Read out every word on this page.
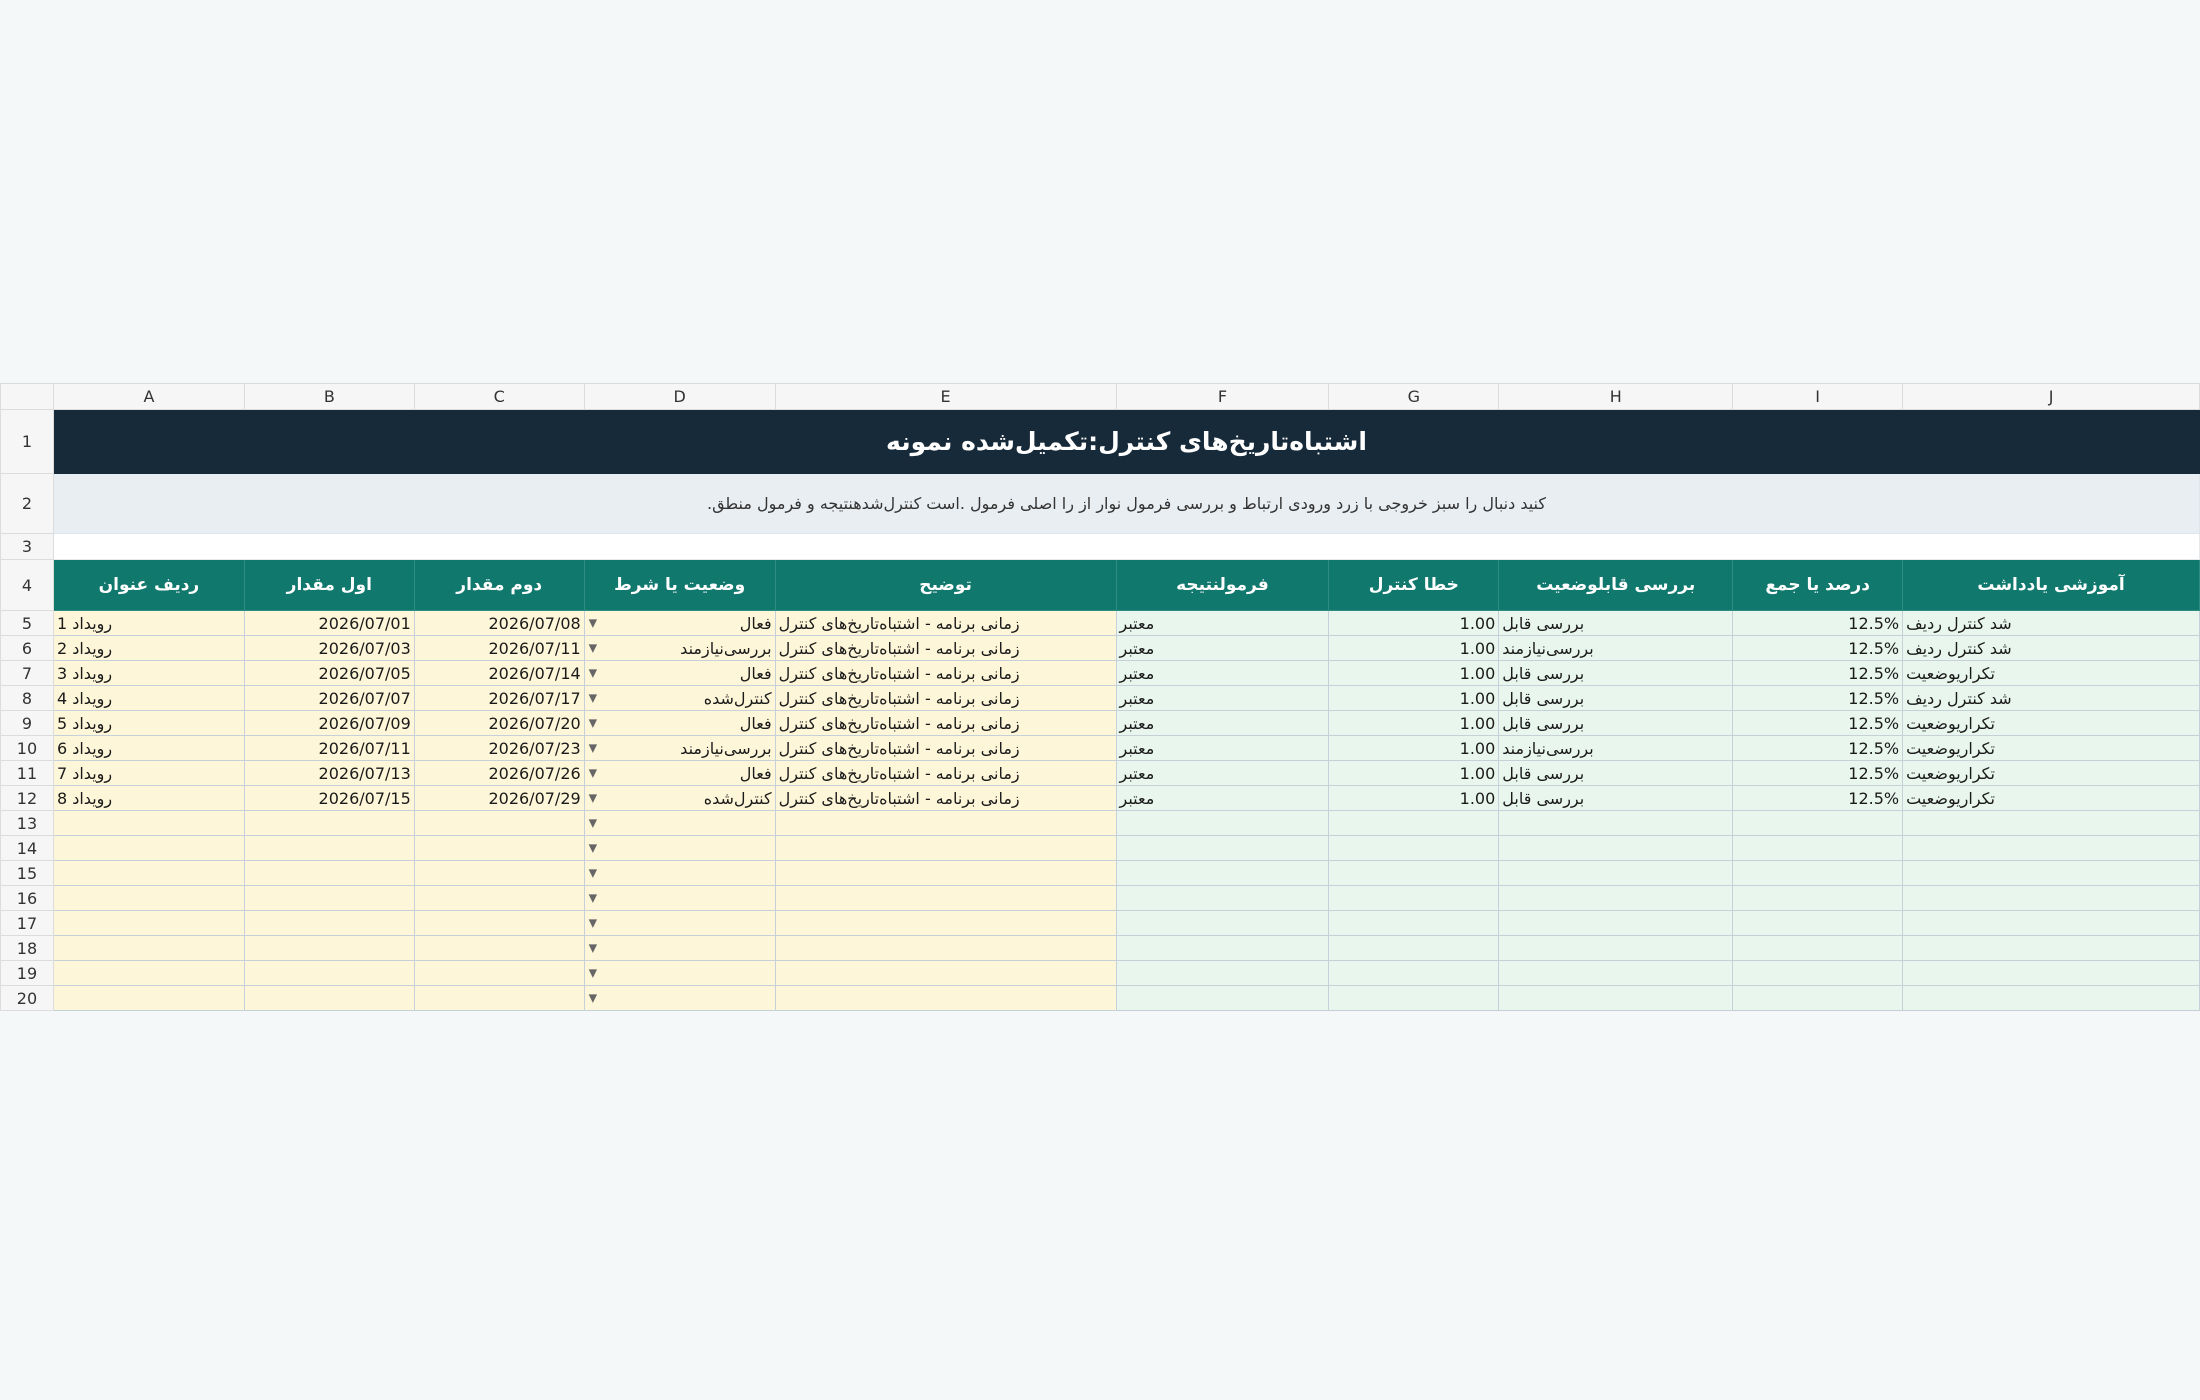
	A	B	C	D	E	F	G	H	I	J
1	اشتباه‌تاریخ‌های کنترل:تکمیل‌شده نمونه									
2	.کنید دنبال را سبز خروجی با زرد ورودی ارتباط و بررسی فرمول نوار از را اصلی فرمول .است کنترل‌شدهنتیجه و فرمول منطق									
3										
4	ردیف عنوان	اول مقدار	دوم مقدار	وضعیت یا شرط	توضیح	فرمولنتیجه	خطا کنترل	بررسی قابلوضعیت	درصد یا جمع	آموزشی یادداشت
5	1 رویداد	2026/07/01	2026/07/08	▼ فعال	زمانی برنامه - اشتباه‌تاریخ‌های کنترل	معتبر	1.00	بررسی قابل	12.5%	شد کنترل ردیف
6	2 رویداد	2026/07/03	2026/07/11	▼ بررسی‌نیازمند	زمانی برنامه - اشتباه‌تاریخ‌های کنترل	معتبر	1.00	بررسی‌نیازمند	12.5%	شد کنترل ردیف
7	3 رویداد	2026/07/05	2026/07/14	▼ فعال	زمانی برنامه - اشتباه‌تاریخ‌های کنترل	معتبر	1.00	بررسی قابل	12.5%	تکراریوضعیت
8	4 رویداد	2026/07/07	2026/07/17	▼ کنترل‌شده	زمانی برنامه - اشتباه‌تاریخ‌های کنترل	معتبر	1.00	بررسی قابل	12.5%	شد کنترل ردیف
9	5 رویداد	2026/07/09	2026/07/20	▼ فعال	زمانی برنامه - اشتباه‌تاریخ‌های کنترل	معتبر	1.00	بررسی قابل	12.5%	تکراریوضعیت
10	6 رویداد	2026/07/11	2026/07/23	▼ بررسی‌نیازمند	زمانی برنامه - اشتباه‌تاریخ‌های کنترل	معتبر	1.00	بررسی‌نیازمند	12.5%	تکراریوضعیت
11	7 رویداد	2026/07/13	2026/07/26	▼ فعال	زمانی برنامه - اشتباه‌تاریخ‌های کنترل	معتبر	1.00	بررسی قابل	12.5%	تکراریوضعیت
12	8 رویداد	2026/07/15	2026/07/29	▼ کنترل‌شده	زمانی برنامه - اشتباه‌تاریخ‌های کنترل	معتبر	1.00	بررسی قابل	12.5%	تکراریوضعیت
13				▼						

14				▼						

15				▼						

16				▼						

17				▼						

18				▼						

19				▼						

20				▼						
